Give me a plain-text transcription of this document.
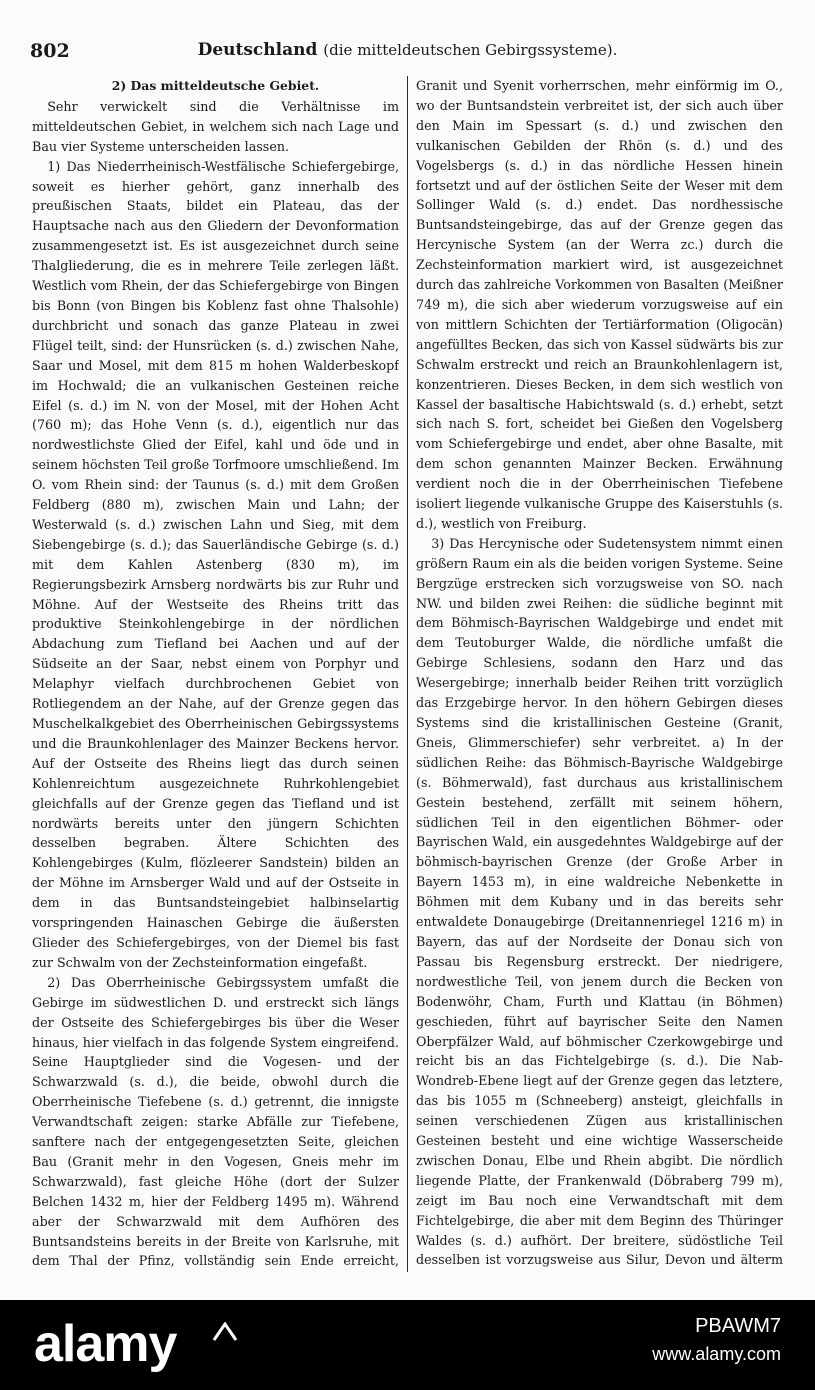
802	Deutschland (die mitteldeutschen Gebirgssysteme).
2) Das mitteldeutsche Gebiet.

Sehr verwickelt sind die Verhältnisse im mitteldeutschen Gebiet, in welchem sich nach Lage und Bau vier Systeme unterscheiden lassen.

1) Das Niederrheinisch-Westfälische Schiefergebirge, soweit es hierher gehört, ganz innerhalb des preußischen Staats, bildet ein Plateau, das der Hauptsache nach aus den Gliedern der Devonformation zusammengesetzt ist. Es ist ausgezeichnet durch seine Thalgliederung, die es in mehrere Teile zerlegen läßt. Westlich vom Rhein, der das Schiefergebirge von Bingen bis Bonn (von Bingen bis Koblenz fast ohne Thalsohle) durchbricht und sonach das ganze Plateau in zwei Flügel teilt, sind: der Hunsrücken (s. d.) zwischen Nahe, Saar und Mosel, mit dem 815 m hohen Walderbeskopf im Hochwald; die an vulkanischen Gesteinen reiche Eifel (s. d.) im N. von der Mosel, mit der Hohen Acht (760 m); das Hohe Venn (s. d.), eigentlich nur das nordwestlichste Glied der Eifel, kahl und öde und in seinem höchsten Teil große Torfmoore umschließend. Im O. vom Rhein sind: der Taunus (s. d.) mit dem Großen Feldberg (880 m), zwischen Main und Lahn; der Westerwald (s. d.) zwischen Lahn und Sieg, mit dem Siebengebirge (s. d.); das Sauerländische Gebirge (s. d.) mit dem Kahlen Astenberg (830 m), im Regierungsbezirk Arnsberg nordwärts bis zur Ruhr und Möhne. Auf der Westseite des Rheins tritt das produktive Steinkohlengebirge in der nördlichen Abdachung zum Tiefland bei Aachen und auf der Südseite an der Saar, nebst einem von Porphyr und Melaphyr vielfach durchbrochenen Gebiet von Rotliegendem an der Nahe, auf der Grenze gegen das Muschelkalkgebiet des Oberrheinischen Gebirgssystems und die Braunkohlenlager des Mainzer Beckens hervor. Auf der Ostseite des Rheins liegt das durch seinen Kohlenreichtum ausgezeichnete Ruhrkohlengebiet gleichfalls auf der Grenze gegen das Tiefland und ist nordwärts bereits unter den jüngern Schichten desselben begraben. Ältere Schichten des Kohlengebirges (Kulm, flözleerer Sandstein) bilden an der Möhne im Arnsberger Wald und auf der Ostseite in dem in das Buntsandsteingebiet halbinselartig vorspringenden Hainaschen Gebirge die äußersten Glieder des Schiefergebirges, von der Diemel bis fast zur Schwalm von der Zechsteinformation eingefaßt.

2) Das Oberrheinische Gebirgssystem umfaßt die Gebirge im südwestlichen D. und erstreckt sich längs der Ostseite des Schiefergebirges bis über die Weser hinaus, hier vielfach in das folgende System eingreifend. Seine Hauptglieder sind die Vogesen- und der Schwarzwald (s. d.), die beide, obwohl durch die Oberrheinische Tiefebene (s. d.) getrennt, die innigste Verwandtschaft zeigen: starke Abfälle zur Tiefebene, sanftere nach der entgegengesetzten Seite, gleichen Bau (Granit mehr in den Vogesen, Gneis mehr im Schwarzwald), fast gleiche Höhe (dort der Sulzer Belchen 1432 m, hier der Feldberg 1495 m). Während aber der Schwarzwald mit dem Aufhören des Buntsandsteins bereits in der Breite von Karlsruhe, mit dem Thal der Pfinz, vollständig sein Ende erreicht,

Granit und Syenit vorherrschen, mehr einförmig im O., wo der Buntsandstein verbreitet ist, der sich auch über den Main im Spessart (s. d.) und zwischen den vulkanischen Gebilden der Rhön (s. d.) und des Vogelsbergs (s. d.) in das nördliche Hessen hinein fortsetzt und auf der östlichen Seite der Weser mit dem Sollinger Wald (s. d.) endet. Das nordhessische Buntsandsteingebirge, das auf der Grenze gegen das Hercynische System (an der Werra zc.) durch die Zechsteinformation markiert wird, ist ausgezeichnet durch das zahlreiche Vorkommen von Basalten (Meißner 749 m), die sich aber wiederum vorzugsweise auf ein von mittlern Schichten der Tertiärformation (Oligocän) angefülltes Becken, das sich von Kassel südwärts bis zur Schwalm erstreckt und reich an Braunkohlenlagern ist, konzentrieren. Dieses Becken, in dem sich westlich von Kassel der basaltische Habichtswald (s. d.) erhebt, setzt sich nach S. fort, scheidet bei Gießen den Vogelsberg vom Schiefergebirge und endet, aber ohne Basalte, mit dem schon genannten Mainzer Becken. Erwähnung verdient noch die in der Oberrheinischen Tiefebene isoliert liegende vulkanische Gruppe des Kaiserstuhls (s. d.), westlich von Freiburg.

3) Das Hercynische oder Sudetensystem nimmt einen größern Raum ein als die beiden vorigen Systeme. Seine Bergzüge erstrecken sich vorzugsweise von SO. nach NW. und bilden zwei Reihen: die südliche beginnt mit dem Böhmisch-Bayrischen Waldgebirge und endet mit dem Teutoburger Walde, die nördliche umfaßt die Gebirge Schlesiens, sodann den Harz und das Wesergebirge; innerhalb beider Reihen tritt vorzüglich das Erzgebirge hervor. In den höhern Gebirgen dieses Systems sind die kristallinischen Gesteine (Granit, Gneis, Glimmerschiefer) sehr verbreitet. a) In der südlichen Reihe: das Böhmisch-Bayrische Waldgebirge (s. Böhmerwald), fast durchaus aus kristallinischem Gestein bestehend, zerfällt mit seinem höhern, südlichen Teil in den eigentlichen Böhmer- oder Bayrischen Wald, ein ausgedehntes Waldgebirge auf der böhmisch-bayrischen Grenze (der Große Arber in Bayern 1453 m), in eine waldreiche Nebenkette in Böhmen mit dem Kubany und in das bereits sehr entwaldete Donaugebirge (Dreitannenriegel 1216 m) in Bayern, das auf der Nordseite der Donau sich von Passau bis Regensburg erstreckt. Der niedrigere, nordwestliche Teil, von jenem durch die Becken von Bodenwöhr, Cham, Furth und Klattau (in Böhmen) geschieden, führt auf bayrischer Seite den Namen Oberpfälzer Wald, auf böhmischer Czerkowgebirge und reicht bis an das Fichtelgebirge (s. d.). Die Nab-Wondreb-Ebene liegt auf der Grenze gegen das letztere, das bis 1055 m (Schneeberg) ansteigt, gleichfalls in seinen verschiedenen Zügen aus kristallinischen Gesteinen besteht und eine wichtige Wasserscheide zwischen Donau, Elbe und Rhein abgibt. Die nördlich liegende Platte, der Frankenwald (Döbraberg 799 m), zeigt im Bau noch eine Verwandtschaft mit dem Fichtelgebirge, die aber mit dem Beginn des Thüringer Waldes (s. d.) aufhört. Der breitere, südöstliche Teil desselben ist vorzugsweise aus Silur, Devon und älterm

alamy	PBAWM7
www.alamy.com
